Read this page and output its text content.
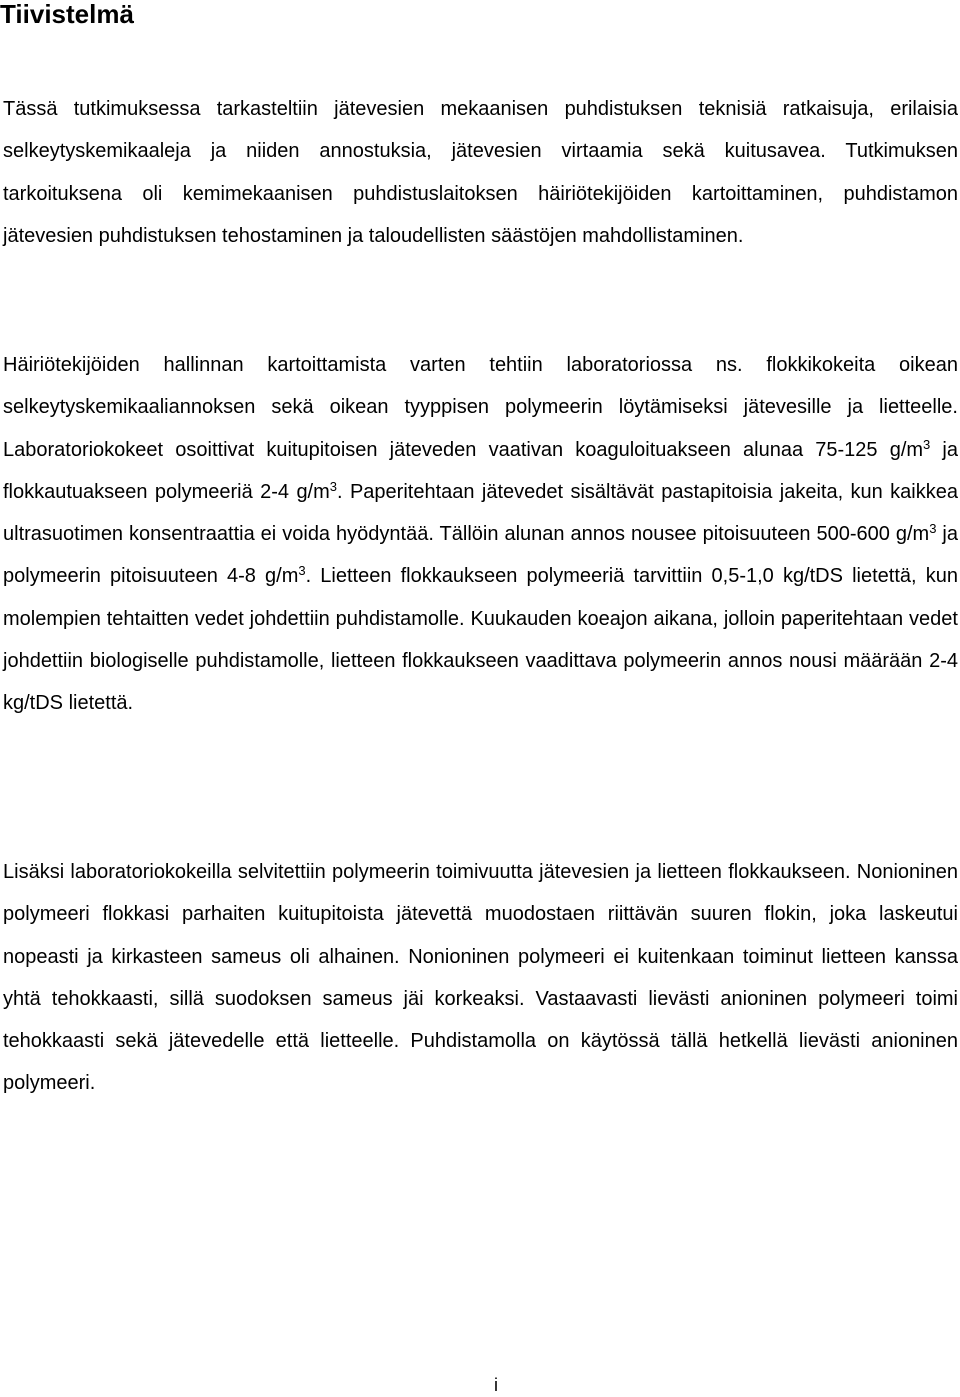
Tiivistelmä

Tässä tutkimuksessa tarkasteltiin jätevesien mekaanisen puhdistuksen teknisiä ratkaisuja, erilaisia selkeytyskemikaaleja ja niiden annostuksia, jätevesien virtaamia sekä kuitusavea. Tutkimuksen tarkoituksena oli kemimekaanisen puhdistuslaitoksen häiriötekijöiden kartoittaminen, puhdistamon jätevesien puhdistuksen tehostaminen ja taloudellisten säästöjen mahdollistaminen.

Häiriötekijöiden hallinnan kartoittamista varten tehtiin laboratoriossa ns. flokkikokeita oikean selkeytyskemikaaliannoksen sekä oikean tyyppisen polymeerin löytämiseksi jätevesille ja lietteelle. Laboratoriokokeet osoittivat kuitupitoisen jäteveden vaativan koaguloituakseen alunaa 75-125 $g/m^3$ ja flokkautuakseen polymeeriä 2-4 $g/m^3$. Paperitehtaan jätevedet sisältävät pastapitoisia jakeita, kun kaikkea ultrasuotimen konsentraattia ei voida hyödyntää. Tällöin alunan annos nousee pitoisuuteen 500-600 $g/m^3$ ja polymeerin pitoisuuteen 4-8 $g/m^3$. Lietteen flokkaukseen polymeeriä tarvittiin 0,5-1,0 kg/tDS lietettä, kun molempien tehtaitten vedet johdettiin puhdistamolle. Kuukauden koeajon aikana, jolloin paperitehtaan vedet johdettiin biologiselle puhdistamolle, lietteen flokkaukseen vaadittava polymeerin annos nousi määrään 2-4 kg/tDS lietettä.

Lisäksi laboratoriokokeilla selvitettiin polymeerin toimivuutta jätevesien ja lietteen flokkaukseen. Nonioninen polymeeri flokkasi parhaiten kuitupitoista jätevettä muodostaen riittävän suuren flokin, joka laskeutui nopeasti ja kirkasteen sameus oli alhainen. Nonioninen polymeeri ei kuitenkaan toiminut lietteen kanssa yhtä tehokkaasti, sillä suodoksen sameus jäi korkeaksi. Vastaavasti lievästi anioninen polymeeri toimi tehokkaasti sekä jätevedelle että lietteelle. Puhdistamolla on käytössä tällä hetkellä lievästi anioninen polymeeri.

i
